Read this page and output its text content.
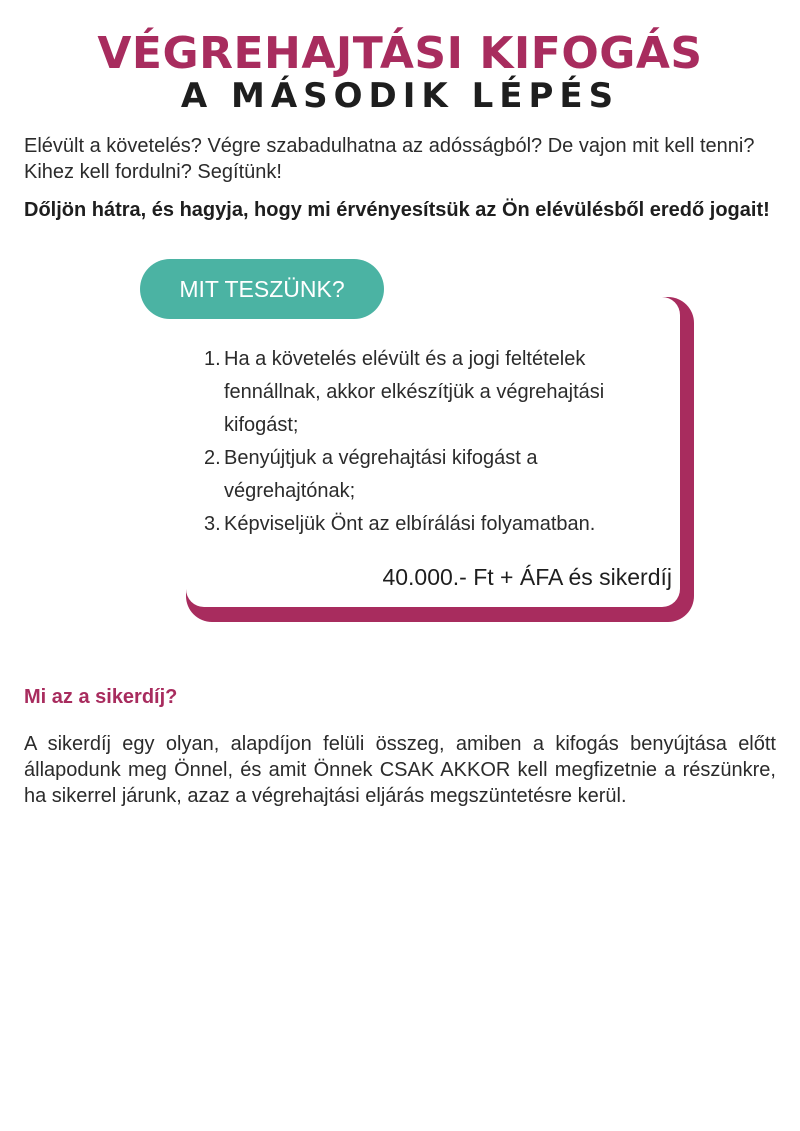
VÉGREHAJTÁSI KIFOGÁS
A MÁSODIK LÉPÉS
Elévült a követelés? Végre szabadulhatna az adósságból? De vajon mit kell tenni? Kihez kell fordulni? Segítünk!
Dőljön hátra, és hagyja, hogy mi érvényesítsük az Ön elévülésből eredő jogait!
MIT TESZÜNK?
1. Ha a követelés elévült és a jogi feltételek fennállnak, akkor elkészítjük a végrehajtási kifogást;
2. Benyújtjuk a végrehajtási kifogást a végrehajtónak;
3. Képviseljük Önt az elbírálási folyamatban.
40.000.- Ft + ÁFA és sikerdíj
Mi az a sikerdíj?
A sikerdíj egy olyan, alapdíjon felüli összeg, amiben a kifogás benyújtása előtt állapodunk meg Önnel, és amit Önnek CSAK AKKOR kell megfizetnie a részünkre, ha sikerrel járunk, azaz a végrehajtási eljárás megszüntetésre kerül.
